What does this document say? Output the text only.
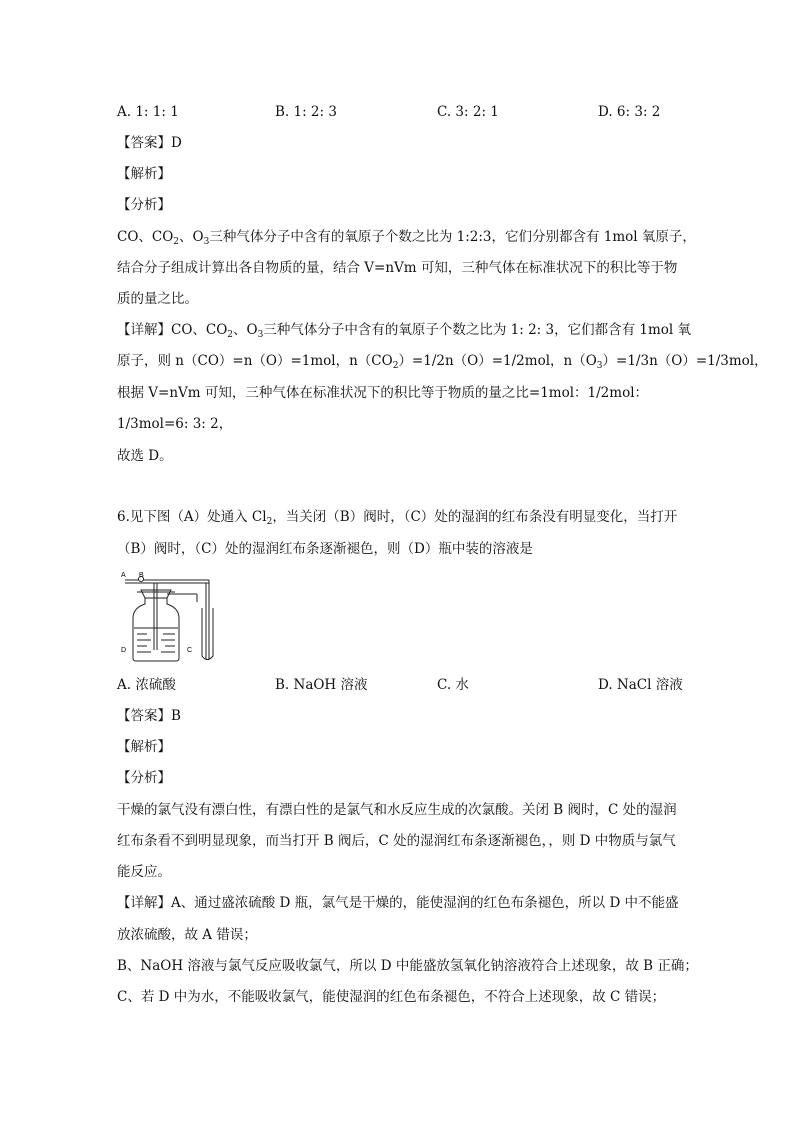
A. 1: 1: 1	B. 1: 2: 3	C. 3: 2: 1	D. 6: 3: 2
【答案】D
【解析】
【分析】
CO、$CO_2$、$O_3$三种气体分子中含有的氧原子个数之比为 1:2:3，它们分别都含有 1mol 氧原子，
结合分子组成计算出各自物质的量，结合 V=nVm 可知，三种气体在标准状况下的积比等于物
质的量之比。
【详解】CO、$CO_2$、$O_3$三种气体分子中含有的氧原子个数之比为 1: 2: 3，它们都含有 1mol 氧
原子，则 n（CO）=n（O）=1mol，$n(CO_2)=1/2n(O)=1/2mol$，$n(O_3)=1/3n(O)=1/3mol$，
根据 V=nVm 可知，三种气体在标准状况下的积比等于物质的量之比=1mol：1/2mol：
1/3mol=6: 3: 2，
故选 D。
6.见下图（A）处通入 $Cl_2$，当关闭（B）阀时，（C）处的湿润的红布条没有明显变化，当打开
（B）阀时，（C）处的湿润红布条逐渐褪色，则（D）瓶中装的溶液是
A B
D	C
A. 浓硫酸	B. NaOH 溶液	C. 水	D. NaCl 溶液
【答案】B
【解析】
【分析】
干燥的氯气没有漂白性，有漂白性的是氯气和水反应生成的次氯酸。关闭 B 阀时，C 处的湿润
红布条看不到明显现象，而当打开 B 阀后，C 处的湿润红布条逐渐褪色，，则 D 中物质与氯气
能反应。
【详解】A、通过盛浓硫酸 D 瓶，氯气是干燥的，能使湿润的红色布条褪色，所以 D 中不能盛
放浓硫酸，故 A 错误；
B、NaOH 溶液与氯气反应吸收氯气，所以 D 中能盛放氢氧化钠溶液符合上述现象，故 B 正确；
C、若 D 中为水，不能吸收氯气，能使湿润的红色布条褪色，不符合上述现象，故 C 错误；
